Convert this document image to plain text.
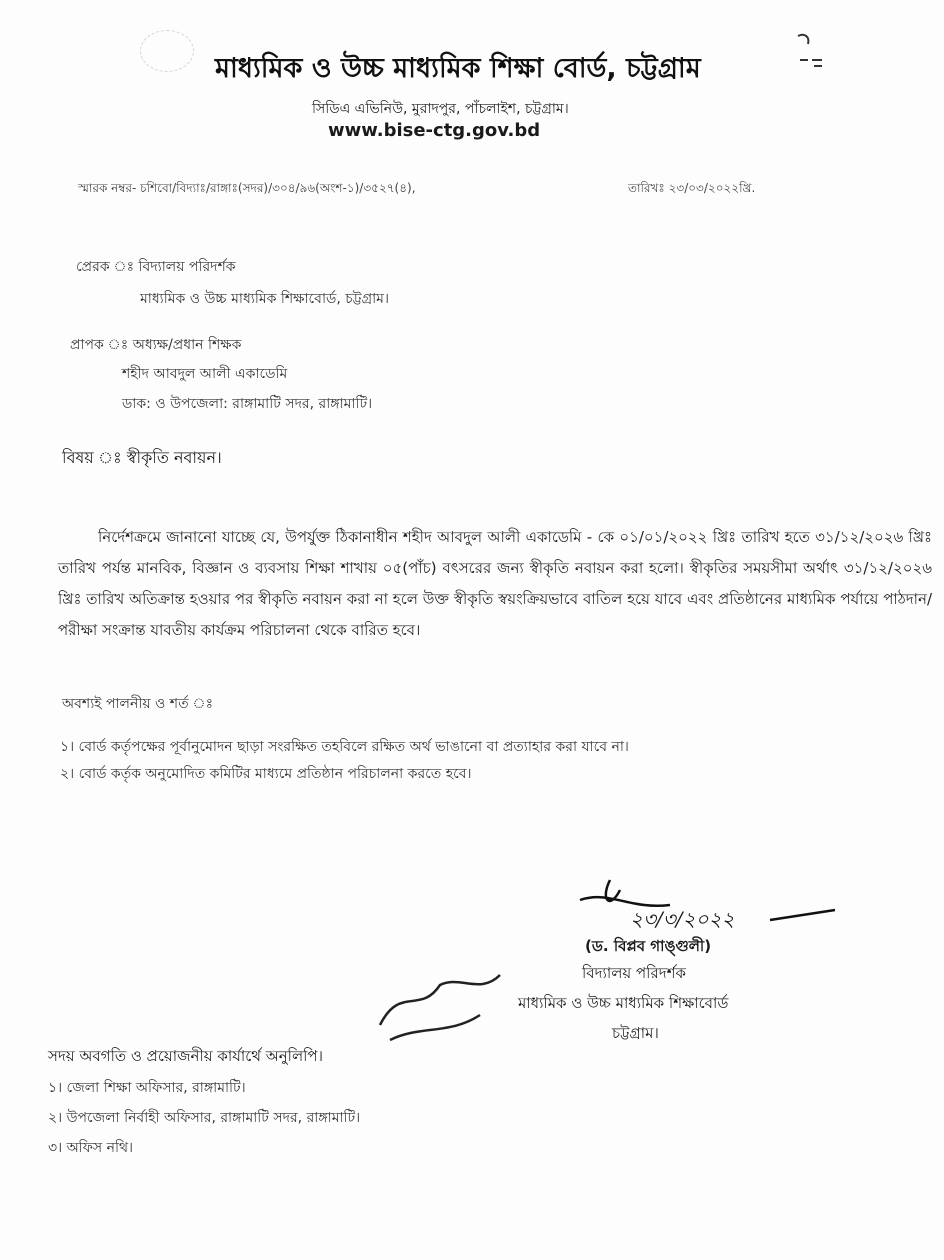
মাধ্যমিক ও উচ্চ মাধ্যমিক শিক্ষা বোর্ড, চট্টগ্রাম
সিডিএ এভিনিউ, মুরাদপুর, পাঁচলাইশ, চট্টগ্রাম।
www.bise-ctg.gov.bd
স্মারক নম্বর- চশিবো/বিদ্যাঃ/রাঙ্গাঃ(সদর)/৩০৪/৯৬(অংশ-১)/৩৫২৭(৪),	তারিখঃ ২৩/০৩/২০২২খ্রি.
প্রেরক ঃ বিদ্যালয় পরিদর্শক
মাধ্যমিক ও উচ্চ মাধ্যমিক শিক্ষাবোর্ড, চট্টগ্রাম।
প্রাপক ঃ অধ্যক্ষ/প্রধান শিক্ষক
শহীদ আবদুল আলী একাডেমি
ডাক: ও উপজেলা: রাঙ্গামাটি সদর, রাঙ্গামাটি।
বিষয় ঃ স্বীকৃতি নবায়ন।
নির্দেশক্রমে জানানো যাচ্ছে যে, উপর্যুক্ত ঠিকানাধীন শহীদ আবদুল আলী একাডেমি - কে ০১/০১/২০২২ খ্রিঃ তারিখ হতে ৩১/১২/২০২৬ খ্রিঃ তারিখ পর্যন্ত মানবিক, বিজ্ঞান ও ব্যবসায় শিক্ষা শাখায় ০৫(পাঁচ) বৎসরের জন্য স্বীকৃতি নবায়ন করা হলো। স্বীকৃতির সময়সীমা অর্থাৎ ৩১/১২/২০২৬ খ্রিঃ তারিখ অতিক্রান্ত হওয়ার পর স্বীকৃতি নবায়ন করা না হলে উক্ত স্বীকৃতি স্বয়ংক্রিয়ভাবে বাতিল হয়ে যাবে এবং প্রতিষ্ঠানের মাধ্যমিক পর্যায়ে পাঠদান/পরীক্ষা সংক্রান্ত যাবতীয় কার্যক্রম পরিচালনা থেকে বারিত হবে।
অবশ্যই পালনীয় ও শর্ত ঃ
১। বোর্ড কর্তৃপক্ষের পূর্বানুমোদন ছাড়া সংরক্ষিত তহবিলে রক্ষিত অর্থ ভাঙানো বা প্রত্যাহার করা যাবে না।
২। বোর্ড কর্তৃক অনুমোদিত কমিটির মাধ্যমে প্রতিষ্ঠান পরিচালনা করতে হবে।
২৩/৩/২০২২
(ড. বিপ্লব গাঙ্গুলী)
বিদ্যালয় পরিদর্শক
মাধ্যমিক ও উচ্চ মাধ্যমিক শিক্ষাবোর্ড
চট্টগ্রাম।
সদয় অবগতি ও প্রয়োজনীয় কার্যার্থে অনুলিপি।
১। জেলা শিক্ষা অফিসার, রাঙ্গামাটি।
২। উপজেলা নির্বাহী অফিসার, রাঙ্গামাটি সদর, রাঙ্গামাটি।
৩। অফিস নথি।
